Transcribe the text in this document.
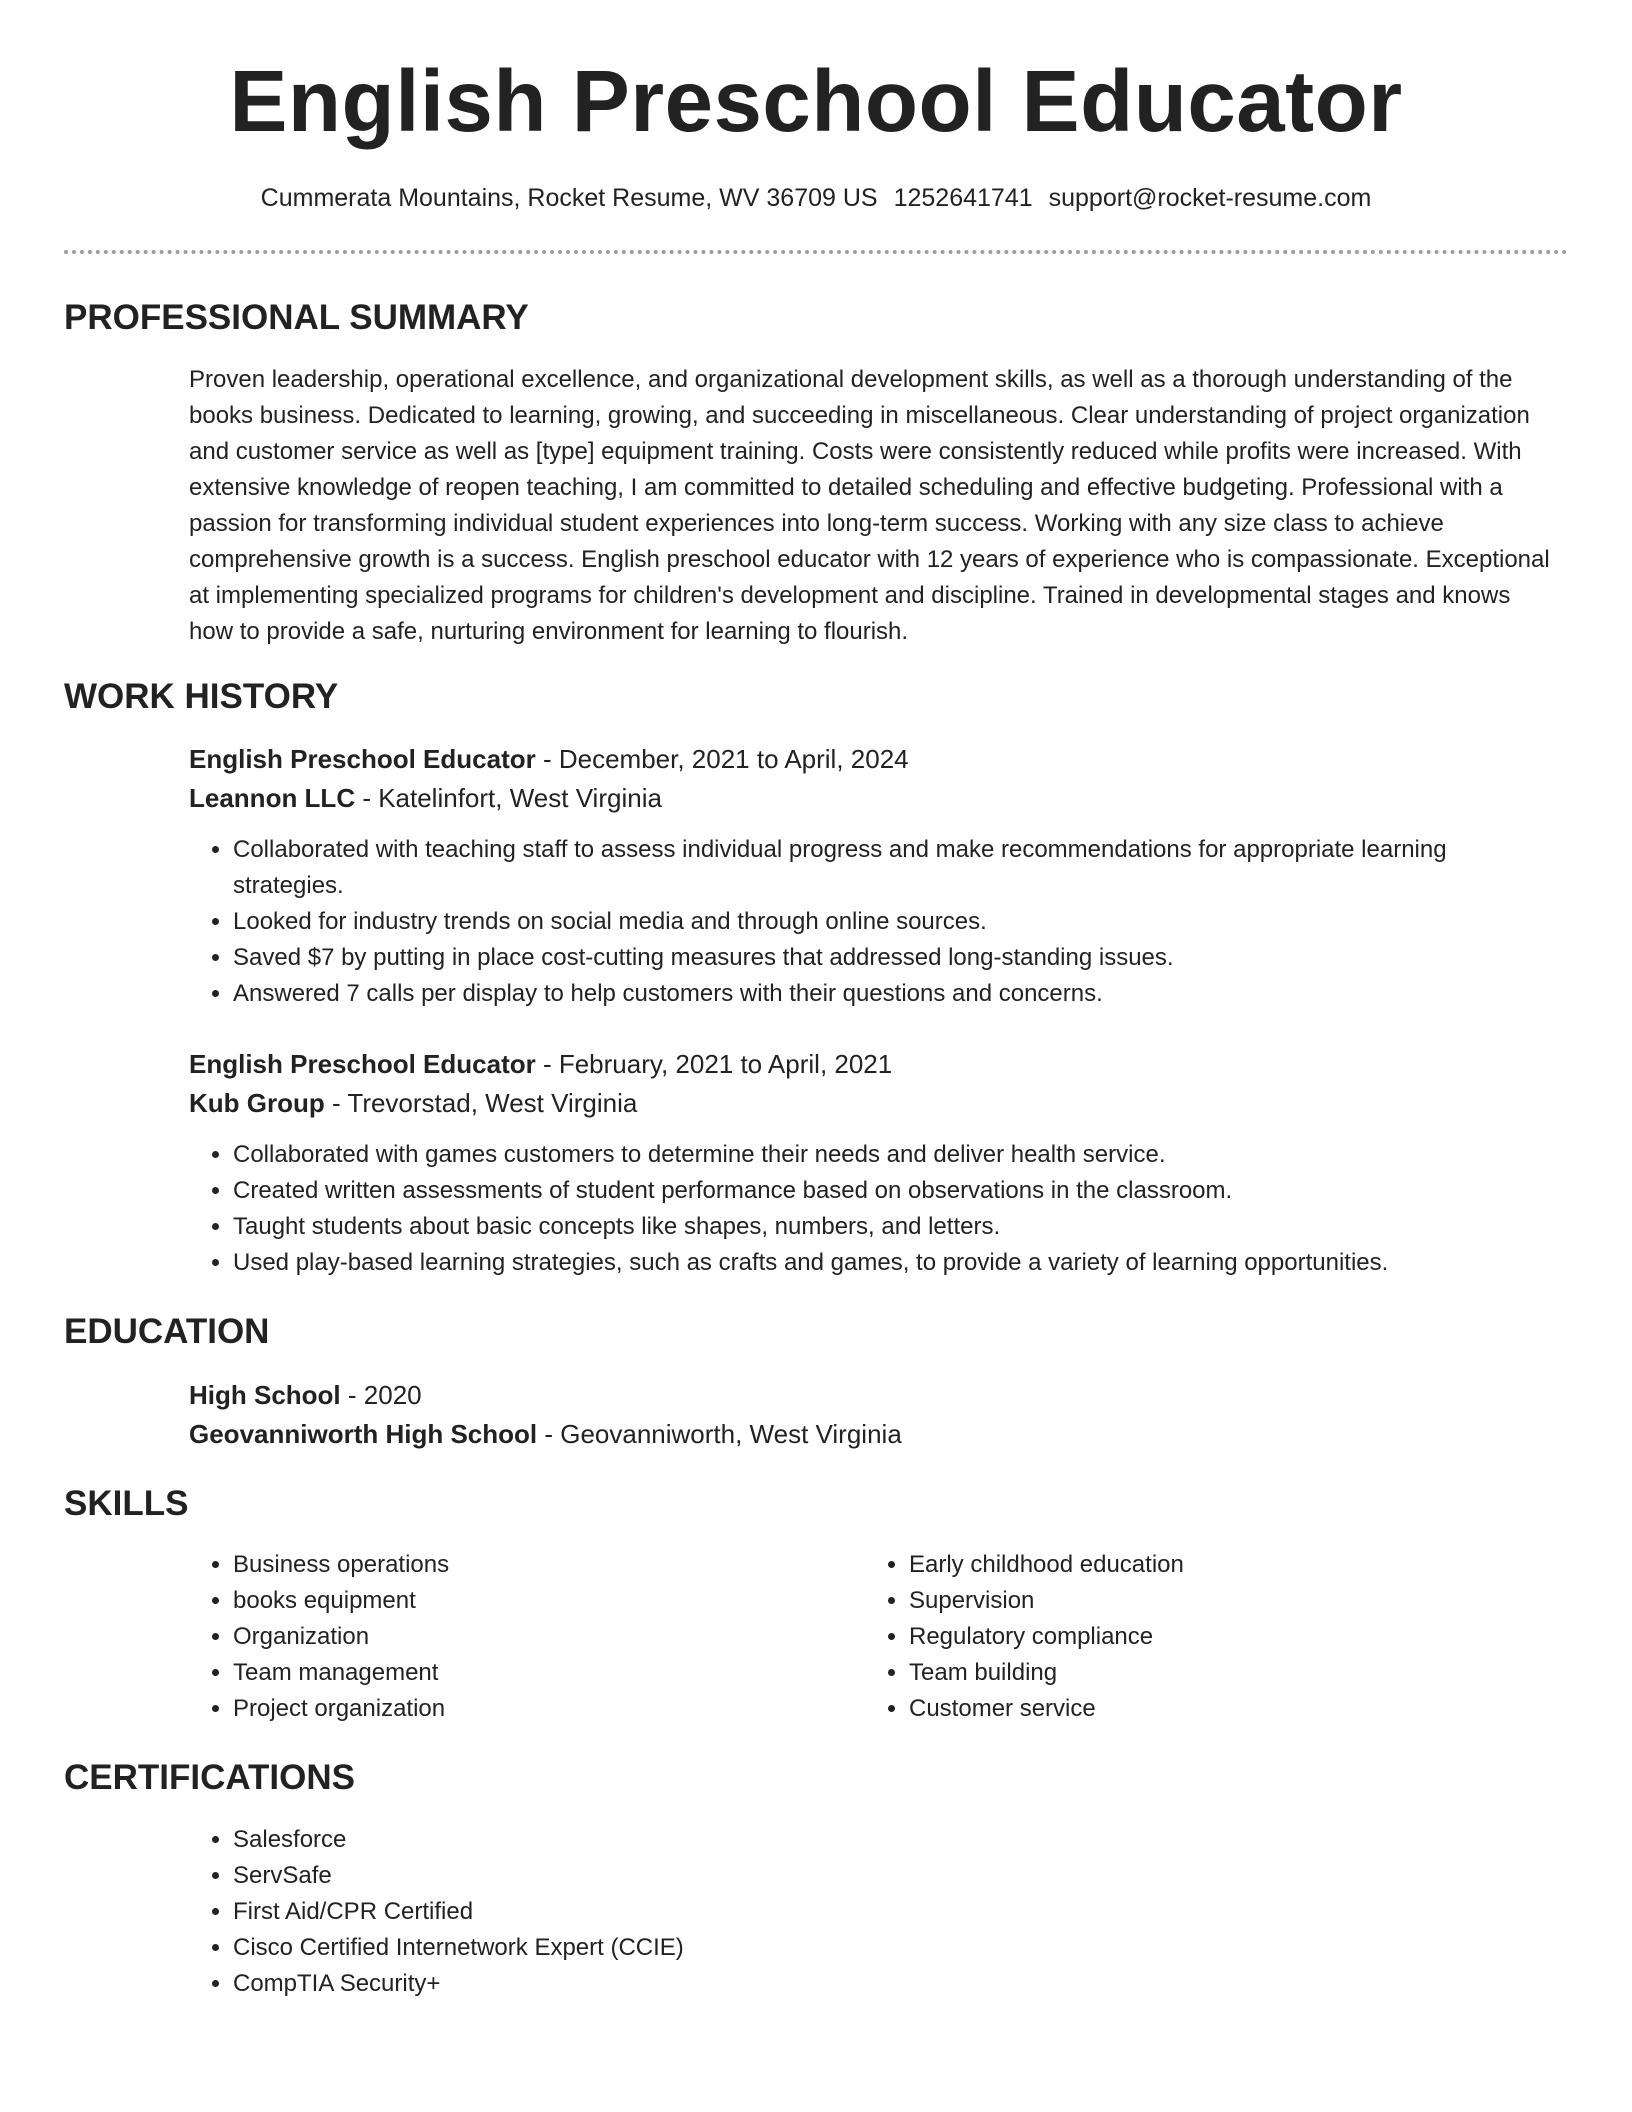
English Preschool Educator
Cummerata Mountains, Rocket Resume, WV 36709 US 1252641741 support@rocket-resume.com
PROFESSIONAL SUMMARY
Proven leadership, operational excellence, and organizational development skills, as well as a thorough understanding of the books business. Dedicated to learning, growing, and succeeding in miscellaneous. Clear understanding of project organization and customer service as well as [type] equipment training. Costs were consistently reduced while profits were increased. With extensive knowledge of reopen teaching, I am committed to detailed scheduling and effective budgeting. Professional with a passion for transforming individual student experiences into long-term success. Working with any size class to achieve comprehensive growth is a success. English preschool educator with 12 years of experience who is compassionate. Exceptional at implementing specialized programs for children's development and discipline. Trained in developmental stages and knows how to provide a safe, nurturing environment for learning to flourish.
WORK HISTORY
English Preschool Educator - December, 2021 to April, 2024
Leannon LLC - Katelinfort, West Virginia
• Collaborated with teaching staff to assess individual progress and make recommendations for appropriate learning strategies.
• Looked for industry trends on social media and through online sources.
• Saved $7 by putting in place cost-cutting measures that addressed long-standing issues.
• Answered 7 calls per display to help customers with their questions and concerns.
English Preschool Educator - February, 2021 to April, 2021
Kub Group - Trevorstad, West Virginia
• Collaborated with games customers to determine their needs and deliver health service.
• Created written assessments of student performance based on observations in the classroom.
• Taught students about basic concepts like shapes, numbers, and letters.
• Used play-based learning strategies, such as crafts and games, to provide a variety of learning opportunities.
EDUCATION
High School - 2020
Geovanniworth High School - Geovanniworth, West Virginia
SKILLS
• Business operations
• books equipment
• Organization
• Team management
• Project organization
• Early childhood education
• Supervision
• Regulatory compliance
• Team building
• Customer service
CERTIFICATIONS
• Salesforce
• ServSafe
• First Aid/CPR Certified
• Cisco Certified Internetwork Expert (CCIE)
• CompTIA Security+
